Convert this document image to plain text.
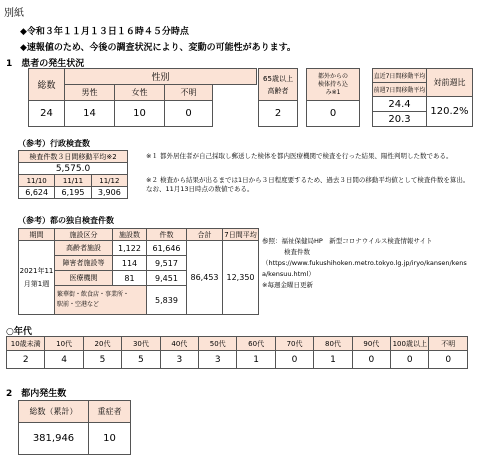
別紙
◆令和３年１１月１３日１６時４５分時点
◆速報値のため、今後の調査状況により、変動の可能性があります。
1　患者の発生状況
総数	性別			
	男性	女性	不明	
24	14	10	0	
65歳以上
高齢者

2
都外からの
検体持ち込
み※1

0
直近7日間移動平均	対前週比
前週7日間移動平均	
24.4	120.2%
20.3	
（参考）行政検査数
検査件数３日間移動平均※2		
5,575.0		
11/10	11/11	11/12
6,624	6,195	3,906
※１ 都外居住者が自己採取し郵送した検体を都内医療機関で検査を行った結果、陽性判明した数である。
※２ 検査から結果が出るまでは1日から３日程度要するため、過去３日間の移動平均値として検査件数を算出。なお、11月13日時点の数値である。
（参考）都の独自検査件数
期間	施設区分	施設数	件数	合計	7日間平均

2021年11
月第1週	高齢者施設	1,122	61,646	86,453	12,350
	障害者施設等	114	9,517		
	医療機関	81	9,451		

	繁華街・飲食店・事業所・
駅前・空港など		5,839		
参照：福祉保健局HP　新型コロナウイルス検査情報サイト
検査件数
（https://www.fukushihoken.metro.tokyo.lg.jp/iryo/kansen/kens
a/kensuu.html）
※毎週金曜日更新
○年代
10歳未満	10代	20代	30代	40代	50代	60代	70代	80代	90代	100歳以上	不明
2	4	5	5	3	3	1	0	1	0	0	0
2　都内発生数
総数（累計）	重症者
381,946	10
